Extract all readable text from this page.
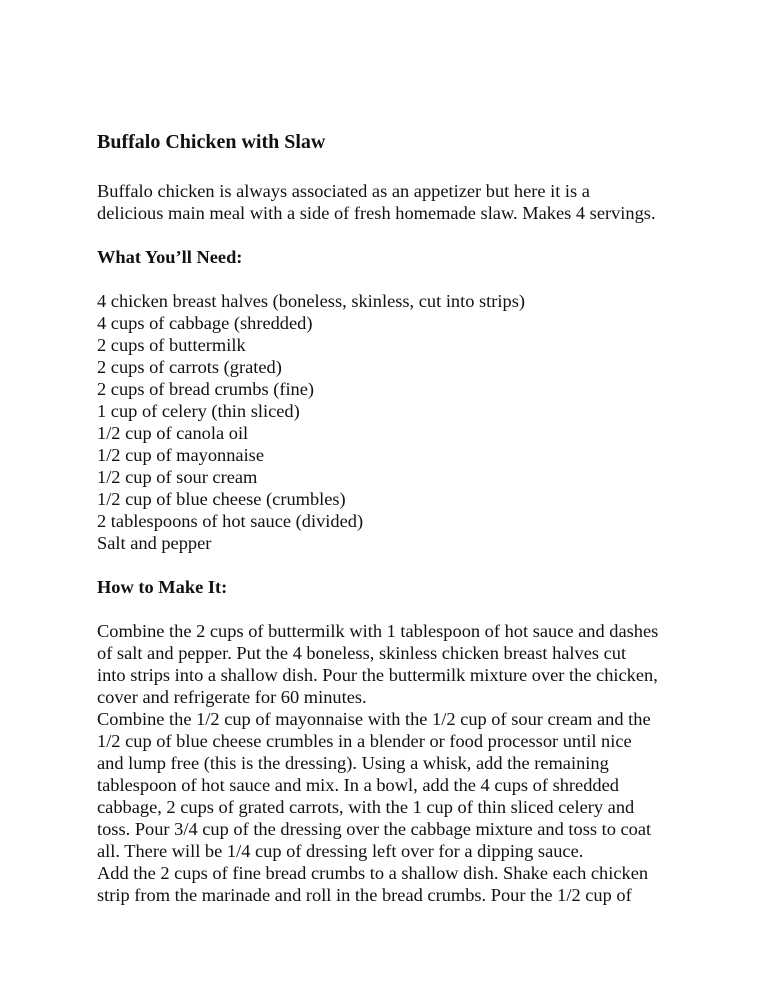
Buffalo Chicken with Slaw
Buffalo chicken is always associated as an appetizer but here it is a
delicious main meal with a side of fresh homemade slaw. Makes 4 servings.
What You’ll Need:
4 chicken breast halves (boneless, skinless, cut into strips)
4 cups of cabbage (shredded)
2 cups of buttermilk
2 cups of carrots (grated)
2 cups of bread crumbs (fine)
1 cup of celery (thin sliced)
1/2 cup of canola oil
1/2 cup of mayonnaise
1/2 cup of sour cream
1/2 cup of blue cheese (crumbles)
2 tablespoons of hot sauce (divided)
Salt and pepper
How to Make It:

Combine the 2 cups of buttermilk with 1 tablespoon of hot sauce and dashes
of salt and pepper. Put the 4 boneless, skinless chicken breast halves cut
into strips into a shallow dish. Pour the buttermilk mixture over the chicken,
cover and refrigerate for 60 minutes.

Combine the 1/2 cup of mayonnaise with the 1/2 cup of sour cream and the
1/2 cup of blue cheese crumbles in a blender or food processor until nice
and lump free (this is the dressing). Using a whisk, add the remaining
tablespoon of hot sauce and mix. In a bowl, add the 4 cups of shredded
cabbage, 2 cups of grated carrots, with the 1 cup of thin sliced celery and
toss. Pour 3/4 cup of the dressing over the cabbage mixture and toss to coat
all. There will be 1/4 cup of dressing left over for a dipping sauce.

Add the 2 cups of fine bread crumbs to a shallow dish. Shake each chicken
strip from the marinade and roll in the bread crumbs. Pour the 1/2 cup of
